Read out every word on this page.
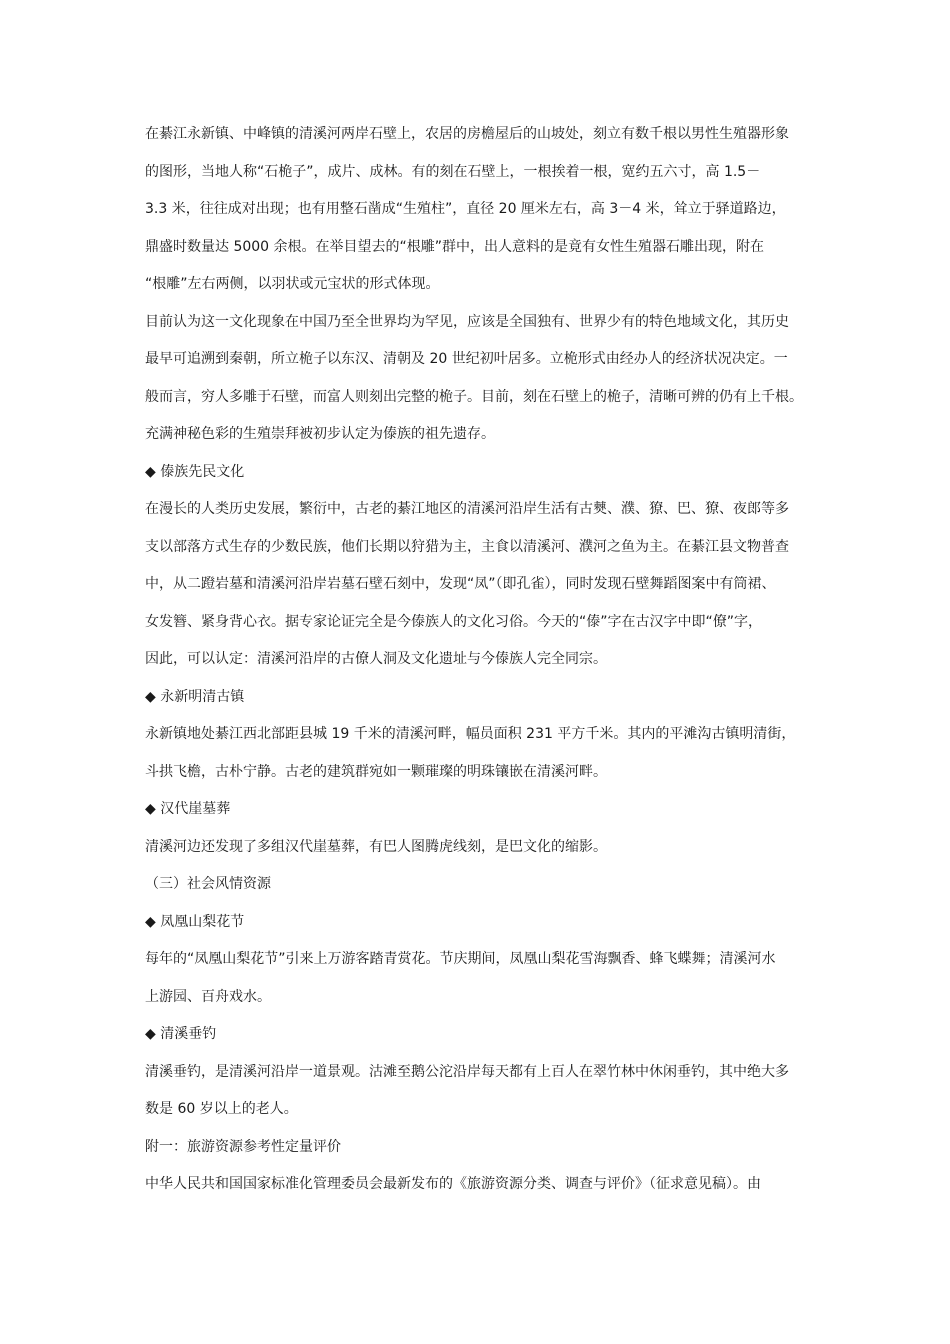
在綦江永新镇、中峰镇的清溪河两岸石壁上，农居的房檐屋后的山坡处，刻立有数千根以男性生殖器形象
的图形，当地人称“石桅子”，成片、成林。有的刻在石壁上，一根挨着一根，宽约五六寸，高 1.5－
3.3 米，往往成对出现；也有用整石凿成“生殖柱”，直径 20 厘米左右，高 3－4 米，耸立于驿道路边，
鼎盛时数量达 5000 余根。在举目望去的“根雕”群中，出人意料的是竟有女性生殖器石雕出现，附在
“根雕”左右两侧，以羽状或元宝状的形式体现。
目前认为这一文化现象在中国乃至全世界均为罕见，应该是全国独有、世界少有的特色地域文化，其历史
最早可追溯到秦朝，所立桅子以东汉、清朝及 20 世纪初叶居多。立桅形式由经办人的经济状况决定。一
般而言，穷人多雕于石壁，而富人则刻出完整的桅子。目前，刻在石壁上的桅子，清晰可辨的仍有上千根。
充满神秘色彩的生殖崇拜被初步认定为傣族的祖先遗存。
◆ 傣族先民文化
在漫长的人类历史发展，繁衍中，古老的綦江地区的清溪河沿岸生活有古僰、濮、獠、巴、獠、夜郎等多
支以部落方式生存的少数民族，他们长期以狩猎为主，主食以清溪河、濮河之鱼为主。在綦江县文物普查
中，从二蹬岩墓和清溪河沿岸岩墓石壁石刻中，发现“凤”（即孔雀），同时发现石壁舞蹈图案中有筒裙、
女发簪、紧身背心衣。据专家论证完全是今傣族人的文化习俗。今天的“傣”字在古汉字中即“僚”字，
因此，可以认定：清溪河沿岸的古僚人洞及文化遗址与今傣族人完全同宗。
◆ 永新明清古镇
永新镇地处綦江西北部距县城 19 千米的清溪河畔，幅员面积 231 平方千米。其内的平滩沟古镇明清街，
斗拱飞檐，古朴宁静。古老的建筑群宛如一颗璀璨的明珠镶嵌在清溪河畔。
◆ 汉代崖墓葬
清溪河边还发现了多组汉代崖墓葬，有巴人图腾虎线刻，是巴文化的缩影。
（三）社会风情资源
◆ 凤凰山梨花节
每年的“凤凰山梨花节”引来上万游客踏青赏花。节庆期间，凤凰山梨花雪海飘香、蜂飞蝶舞；清溪河水
上游园、百舟戏水。
◆ 清溪垂钓
清溪垂钓，是清溪河沿岸一道景观。沽滩至鹅公沱沿岸每天都有上百人在翠竹林中休闲垂钓，其中绝大多
数是 60 岁以上的老人。
附一：旅游资源参考性定量评价
中华人民共和国国家标准化管理委员会最新发布的《旅游资源分类、调查与评价》（征求意见稿）。由
